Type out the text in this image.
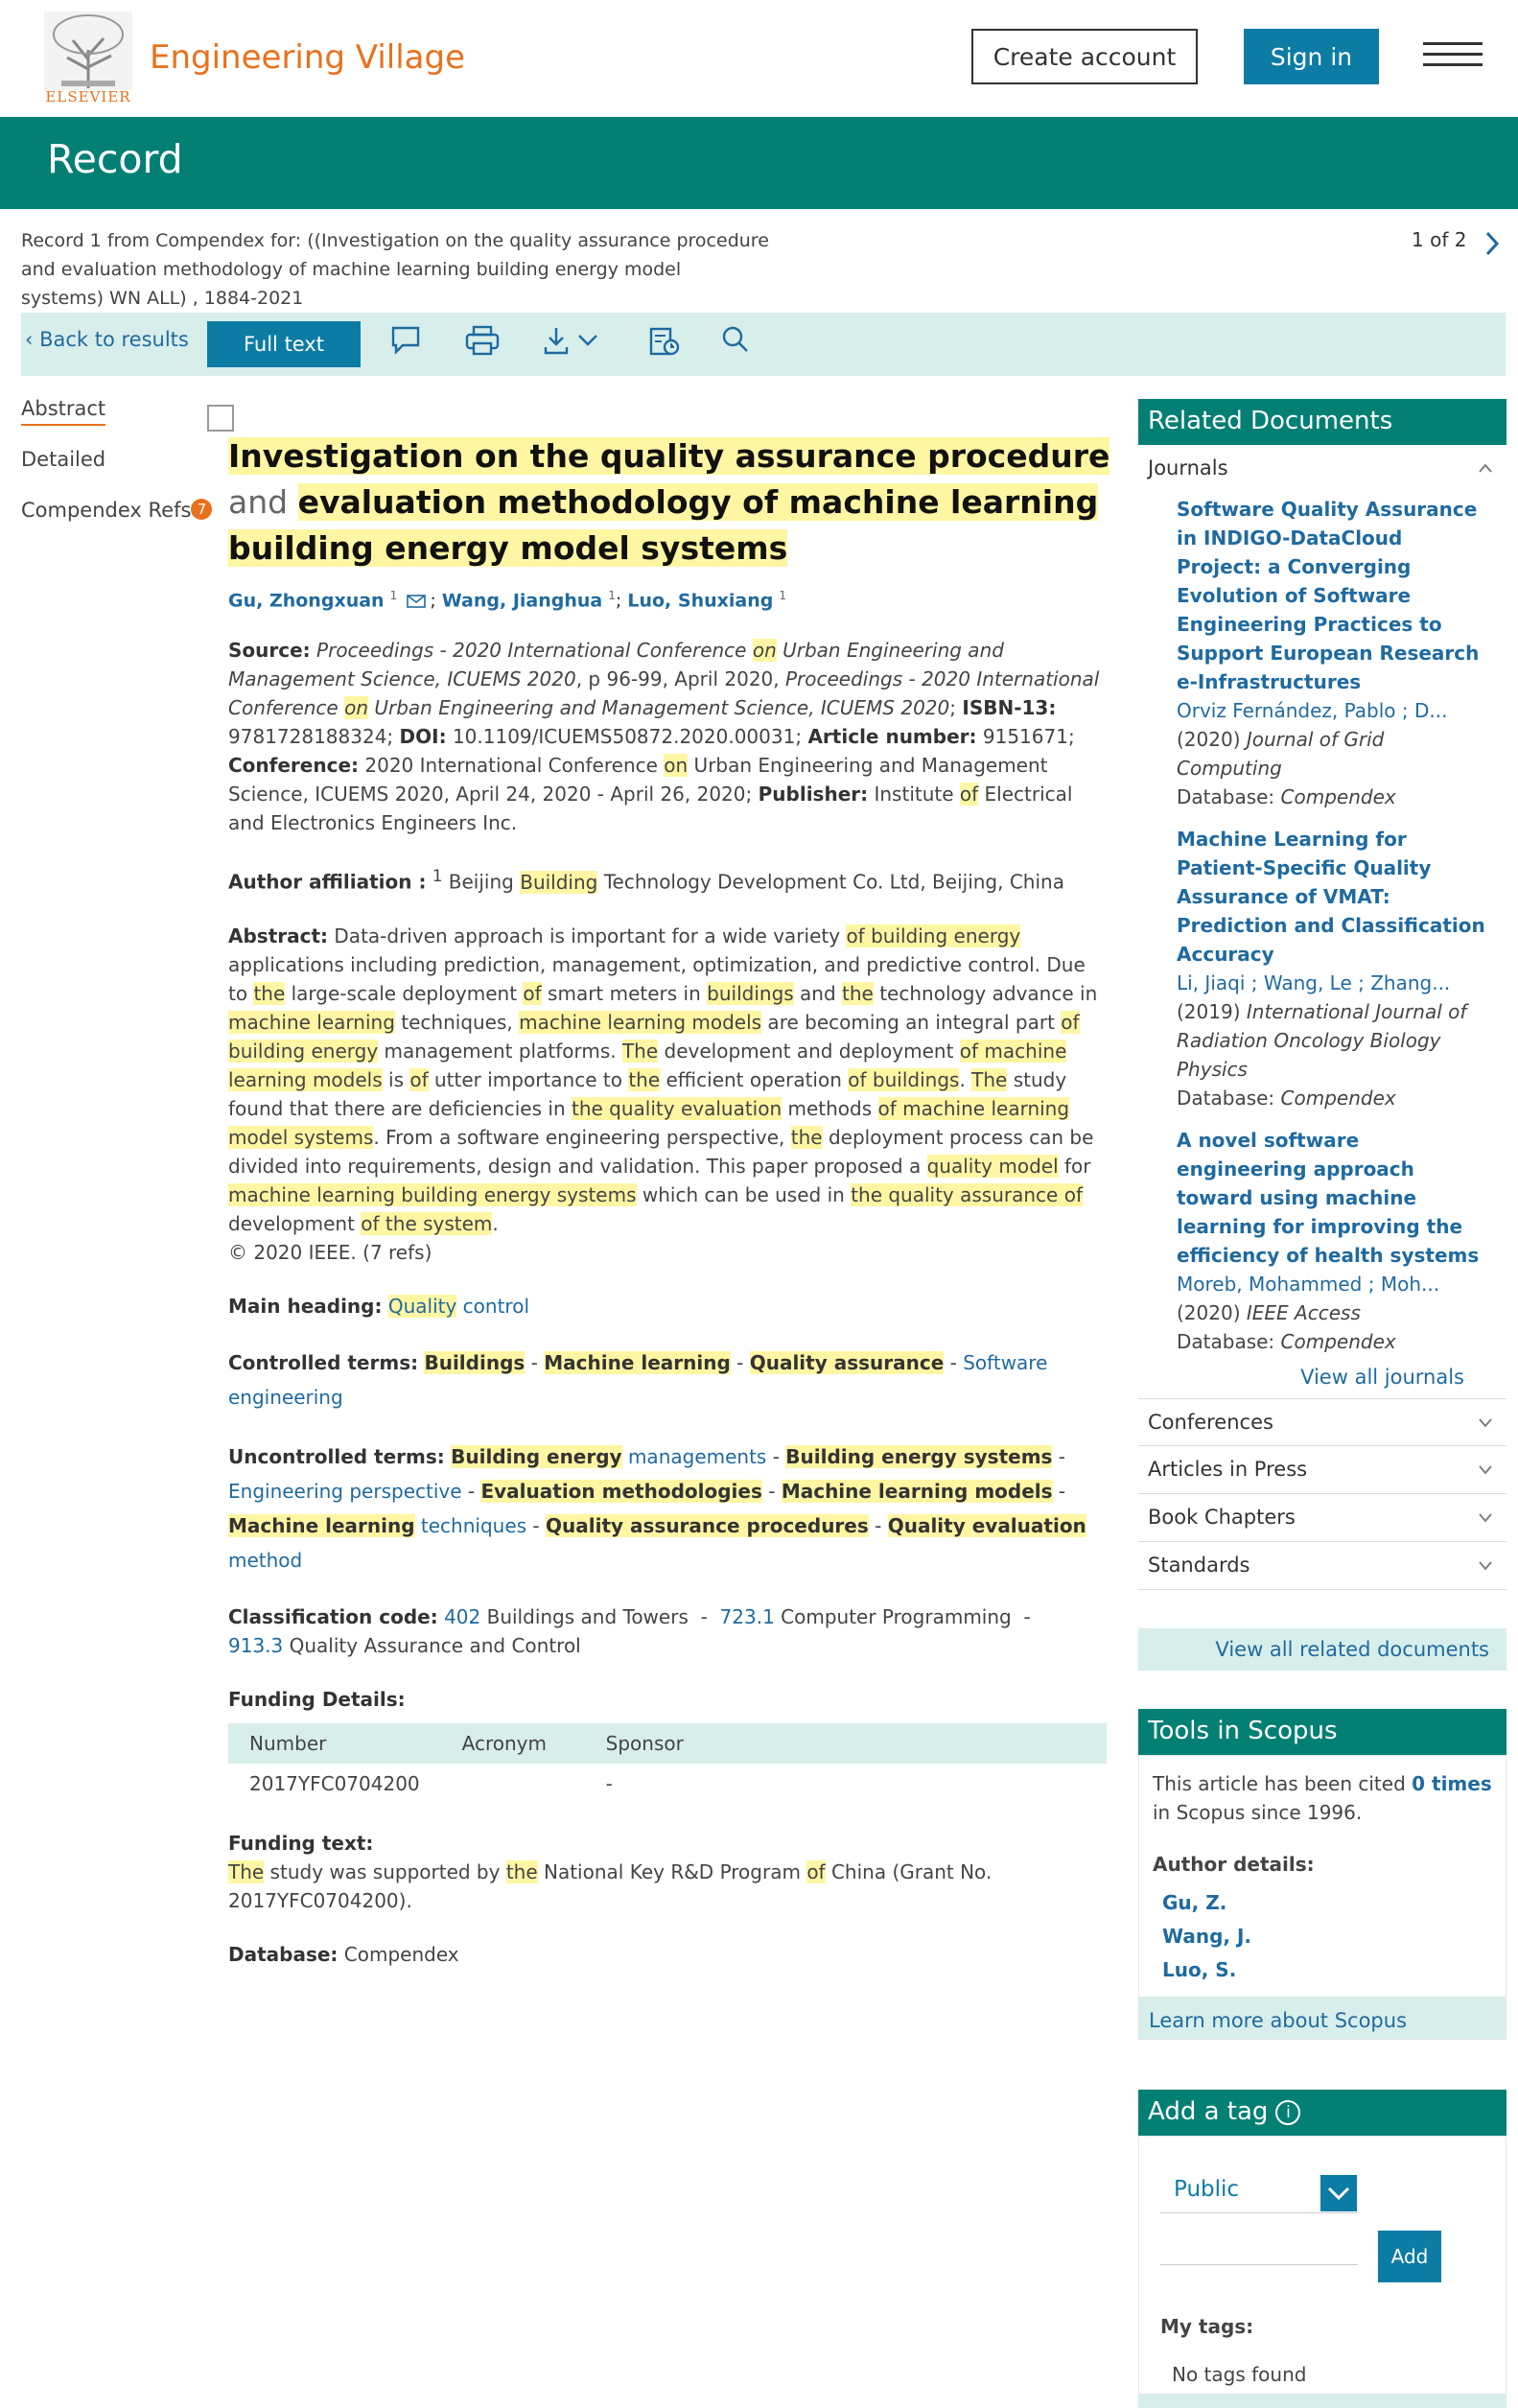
ELSEVIER
Engineering Village	Create account	Sign in
Record
Record 1 from Compendex for: ((Investigation on the quality assurance procedure and evaluation methodology of machine learning building energy model systems) WN ALL) , 1884-2021
1 of 2
‹ Back to results	Full text
Abstract
Detailed
Compendex Refs 7
Investigation on the quality assurance procedure and evaluation methodology of machine learning building energy model systems
Gu, Zhongxuan $^1$ ; Wang, Jianghua $^1$; Luo, Shuxiang $^1$
Source: Proceedings - 2020 International Conference on Urban Engineering and Management Science, ICUEMS 2020, p 96-99, April 2020, Proceedings - 2020 International Conference on Urban Engineering and Management Science, ICUEMS 2020; ISBN-13: 9781728188324; DOI: 10.1109/ICUEMS50872.2020.00031; Article number: 9151671; Conference: 2020 International Conference on Urban Engineering and Management Science, ICUEMS 2020, April 24, 2020 - April 26, 2020; Publisher: Institute of Electrical and Electronics Engineers Inc.
Author affiliation : $^1$ Beijing Building Technology Development Co. Ltd, Beijing, China
Abstract: Data-driven approach is important for a wide variety of building energy applications including prediction, management, optimization, and predictive control. Due to the large-scale deployment of smart meters in buildings and the technology advance in machine learning techniques, machine learning models are becoming an integral part of building energy management platforms. The development and deployment of machine learning models is of utter importance to the efficient operation of buildings. The study found that there are deficiencies in the quality evaluation methods of machine learning model systems. From a software engineering perspective, the deployment process can be divided into requirements, design and validation. This paper proposed a quality model for machine learning building energy systems which can be used in the quality assurance of development of the system.
© 2020 IEEE. (7 refs)
Main heading: Quality control
Controlled terms: Buildings - Machine learning - Quality assurance - Software engineering
Uncontrolled terms: Building energy managements - Building energy systems - Engineering perspective - Evaluation methodologies - Machine learning models - Machine learning techniques - Quality assurance procedures - Quality evaluation method
Classification code: 402 Buildings and Towers  -  723.1 Computer Programming  -
913.3 Quality Assurance and Control
Funding Details:
Number	Acronym	Sponsor
2017YFC0704200		-
Funding text:
The study was supported by the National Key R&D Program of China (Grant No. 2017YFC0704200).
Database: Compendex
Related Documents
Journals
Software Quality Assurance in INDIGO-DataCloud Project: a Converging Evolution of Software Engineering Practices to Support European Research e-Infrastructures
Orviz Fernández, Pablo ; D...
(2020) Journal of Grid Computing
Database: Compendex
Machine Learning for Patient-Specific Quality Assurance of VMAT: Prediction and Classification Accuracy
Li, Jiaqi ; Wang, Le ; Zhang...
(2019) International Journal of Radiation Oncology Biology Physics
Database: Compendex
A novel software engineering approach toward using machine learning for improving the efficiency of health systems
Moreb, Mohammed ; Moh...
(2020) IEEE Access
Database: Compendex
View all journals
Conferences
Articles in Press
Book Chapters
Standards
View all related documents
Tools in Scopus
This article has been cited 0 times in Scopus since 1996.
Author details:
Gu, Z.
Wang, J.
Luo, S.
Learn more about Scopus
Add a tag i
Public
Add
My tags:
No tags found
